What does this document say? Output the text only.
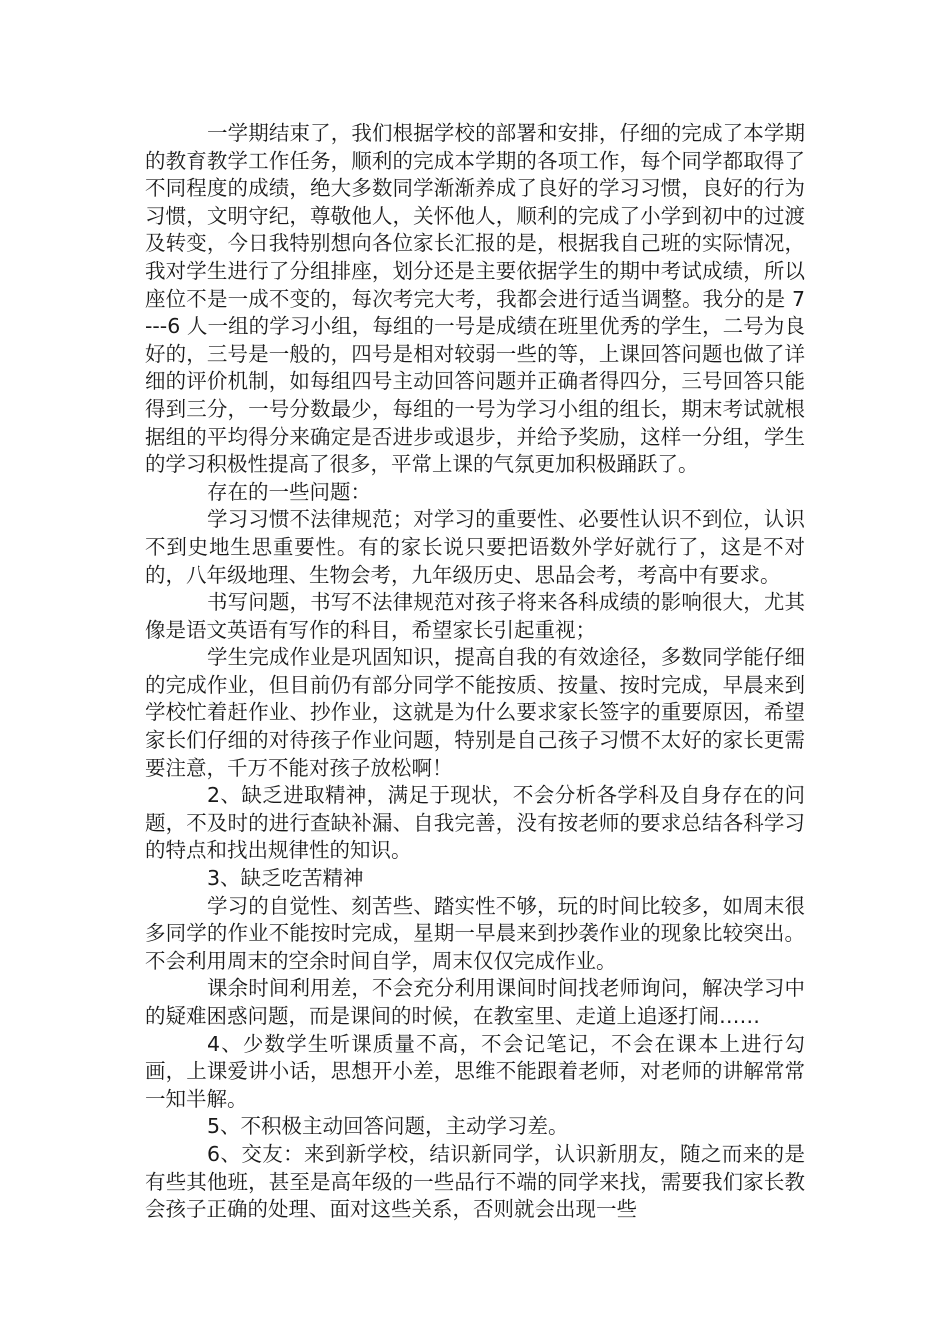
一学期结束了，我们根据学校的部署和安排，仔细的完成了本学期的教育教学工作任务，顺利的完成本学期的各项工作，每个同学都取得了不同程度的成绩，绝大多数同学渐渐养成了良好的学习习惯，良好的行为习惯，文明守纪，尊敬他人，关怀他人，顺利的完成了小学到初中的过渡及转变，今日我特别想向各位家长汇报的是，根据我自己班的实际情况，我对学生进行了分组排座，划分还是主要依据学生的期中考试成绩，所以座位不是一成不变的，每次考完大考，我都会进行适当调整。我分的是 7---6 人一组的学习小组，每组的一号是成绩在班里优秀的学生，二号为良好的，三号是一般的，四号是相对较弱一些的等，上课回答问题也做了详细的评价机制，如每组四号主动回答问题并正确者得四分，三号回答只能得到三分，一号分数最少，每组的一号为学习小组的组长，期末考试就根据组的平均得分来确定是否进步或退步，并给予奖励，这样一分组，学生的学习积极性提高了很多，平常上课的气氛更加积极踊跃了。

存在的一些问题：

学习习惯不法律规范；对学习的重要性、必要性认识不到位，认识不到史地生思重要性。有的家长说只要把语数外学好就行了，这是不对的，八年级地理、生物会考，九年级历史、思品会考，考高中有要求。

书写问题，书写不法律规范对孩子将来各科成绩的影响很大，尤其像是语文英语有写作的科目，希望家长引起重视；

学生完成作业是巩固知识，提高自我的有效途径，多数同学能仔细的完成作业，但目前仍有部分同学不能按质、按量、按时完成，早晨来到学校忙着赶作业、抄作业，这就是为什么要求家长签字的重要原因，希望家长们仔细的对待孩子作业问题，特别是自己孩子习惯不太好的家长更需要注意，千万不能对孩子放松啊！

2、缺乏进取精神，满足于现状，不会分析各学科及自身存在的问题，不及时的进行查缺补漏、自我完善，没有按老师的要求总结各科学习的特点和找出规律性的知识。

3、缺乏吃苦精神

学习的自觉性、刻苦些、踏实性不够，玩的时间比较多，如周末很多同学的作业不能按时完成，星期一早晨来到抄袭作业的现象比较突出。不会利用周末的空余时间自学，周末仅仅完成作业。

课余时间利用差，不会充分利用课间时间找老师询问，解决学习中的疑难困惑问题，而是课间的时候，在教室里、走道上追逐打闹……

4、少数学生听课质量不高，不会记笔记，不会在课本上进行勾画，上课爱讲小话，思想开小差，思维不能跟着老师，对老师的讲解常常一知半解。

5、不积极主动回答问题，主动学习差。

6、交友：来到新学校，结识新同学，认识新朋友，随之而来的是有些其他班，甚至是高年级的一些品行不端的同学来找，需要我们家长教会孩子正确的处理、面对这些关系，否则就会出现一些
